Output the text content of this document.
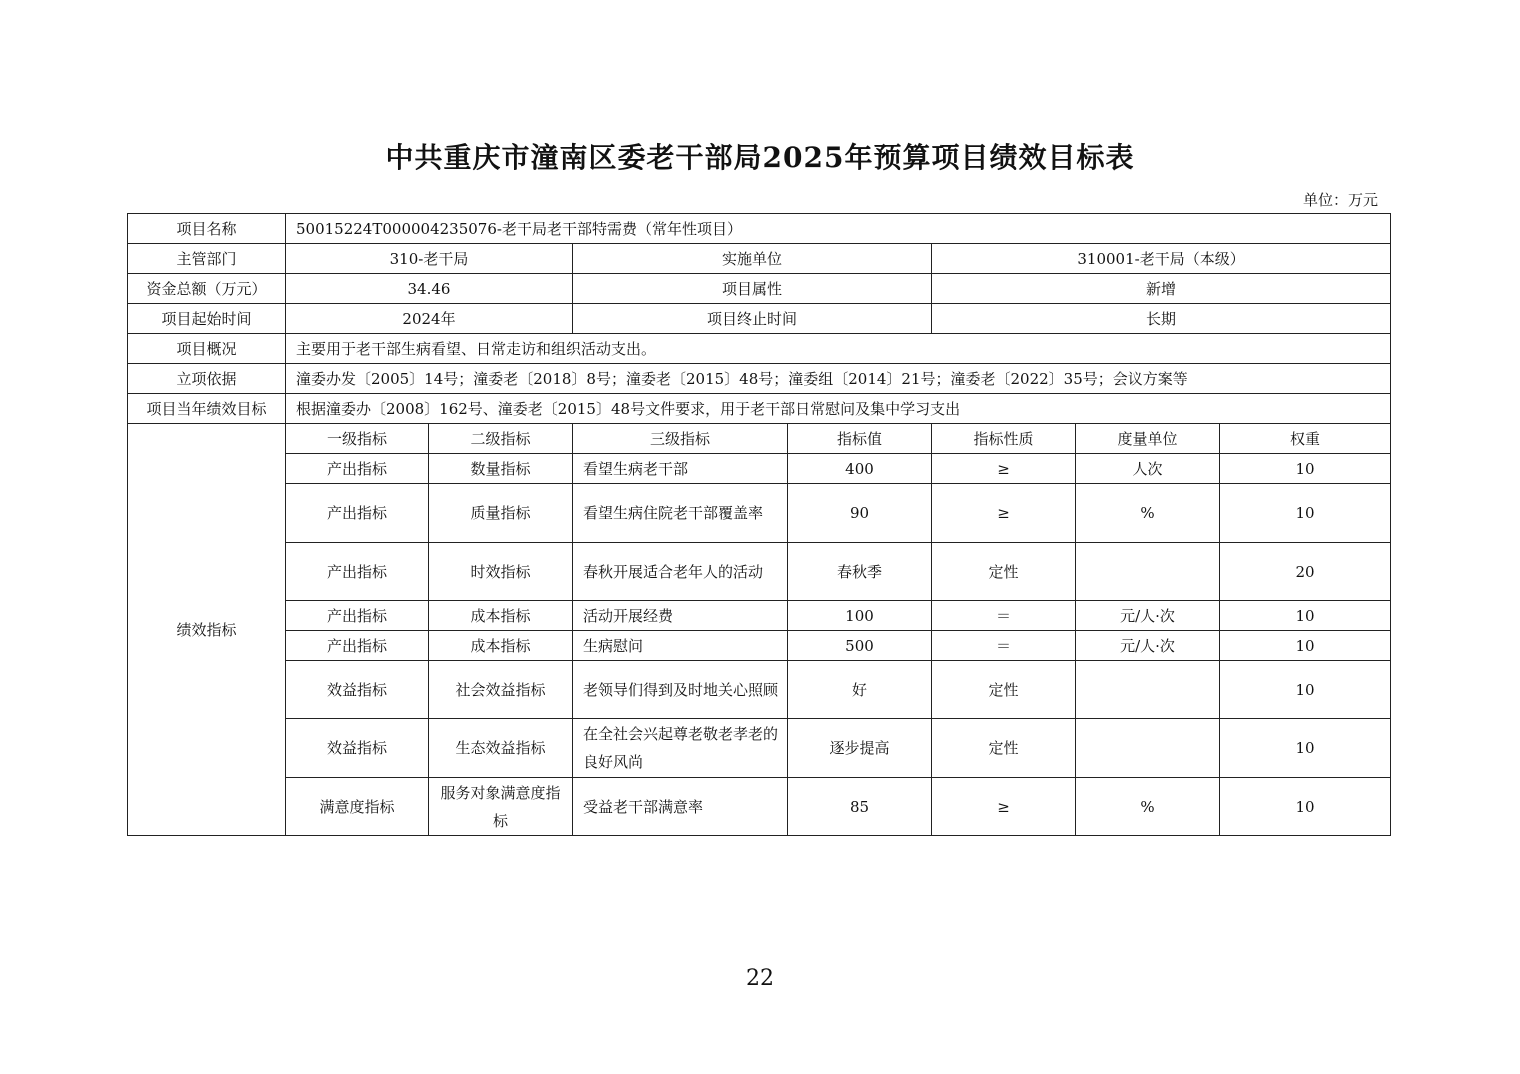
中共重庆市潼南区委老干部局2025年预算项目绩效目标表
单位：万元
项目名称	50015224T000004235076-老干局老干部特需费（常年性项目）						
主管部门	310-老干局		实施单位		310001-老干局（本级）		
资金总额（万元）	34.46		项目属性		新增		
项目起始时间	2024年		项目终止时间		长期		
项目概况	主要用于老干部生病看望、日常走访和组织活动支出。						
立项依据	潼委办发〔2005〕14号；潼委老〔2018〕8号；潼委老〔2015〕48号；潼委组〔2014〕21号；潼委老〔2022〕35号；会议方案等						
项目当年绩效目标	根据潼委办〔2008〕162号、潼委老〔2015〕48号文件要求，用于老干部日常慰问及集中学习支出						
绩效指标	一级指标	二级指标	三级指标	指标值	指标性质	度量单位	权重
	产出指标	数量指标	看望生病老干部	400	≥	人次	10
	产出指标	质量指标	看望生病住院老干部覆盖率	90	≥	%	10
	产出指标	时效指标	春秋开展适合老年人的活动	春秋季	定性		20
	产出指标	成本指标	活动开展经费	100	＝	元/人·次	10
	产出指标	成本指标	生病慰问	500	＝	元/人·次	10
	效益指标	社会效益指标	老领导们得到及时地关心照顾	好	定性		10
	效益指标	生态效益指标	在全社会兴起尊老敬老孝老的良好风尚	逐步提高	定性		10
	满意度指标	服务对象满意度指标	受益老干部满意率	85	≥	%	10
22
